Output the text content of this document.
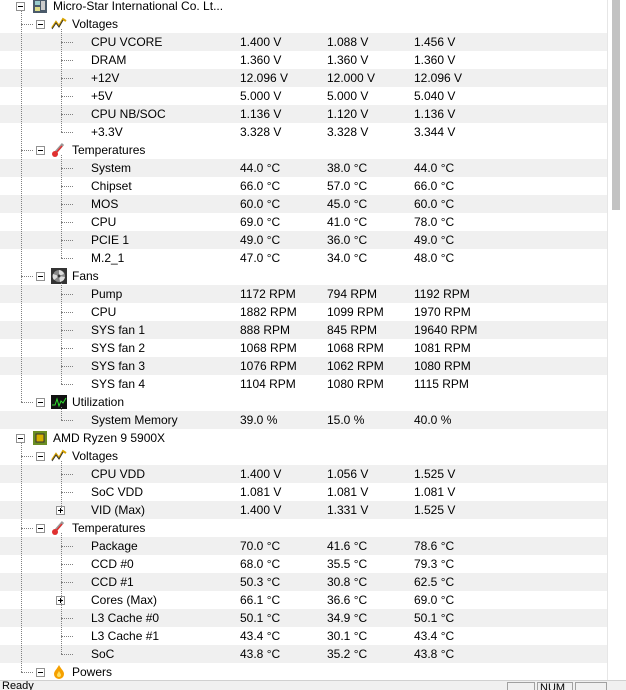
Micro-Star International Co. Lt...
Voltages
CPU VCORE	1.400 V	1.088 V	1.456 V
DRAM	1.360 V	1.360 V	1.360 V
+12V	12.096 V	12.000 V	12.096 V
+5V	5.000 V	5.000 V	5.040 V
CPU NB/SOC	1.136 V	1.120 V	1.136 V
+3.3V	3.328 V	3.328 V	3.344 V
Temperatures
System	44.0 °C	38.0 °C	44.0 °C
Chipset	66.0 °C	57.0 °C	66.0 °C
MOS	60.0 °C	45.0 °C	60.0 °C
CPU	69.0 °C	41.0 °C	78.0 °C
PCIE 1	49.0 °C	36.0 °C	49.0 °C
M.2_1	47.0 °C	34.0 °C	48.0 °C
Fans
Pump	1172 RPM	794 RPM	1192 RPM
CPU	1882 RPM	1099 RPM	1970 RPM
SYS fan 1	888 RPM	845 RPM	19640 RPM
SYS fan 2	1068 RPM	1068 RPM	1081 RPM
SYS fan 3	1076 RPM	1062 RPM	1080 RPM
SYS fan 4	1104 RPM	1080 RPM	1115 RPM
Utilization
System Memory	39.0 %	15.0 %	40.0 %
AMD Ryzen 9 5900X
Voltages
CPU VDD	1.400 V	1.056 V	1.525 V
SoC VDD	1.081 V	1.081 V	1.081 V
VID (Max)	1.400 V	1.331 V	1.525 V
Temperatures
Package	70.0 °C	41.6 °C	78.6 °C
CCD #0	68.0 °C	35.5 °C	79.3 °C
CCD #1	50.3 °C	30.8 °C	62.5 °C
Cores (Max)	66.1 °C	36.6 °C	69.0 °C
L3 Cache #0	50.1 °C	34.9 °C	50.1 °C
L3 Cache #1	43.4 °C	30.1 °C	43.4 °C
SoC	43.8 °C	35.2 °C	43.8 °C
Powers
Ready	NUM
